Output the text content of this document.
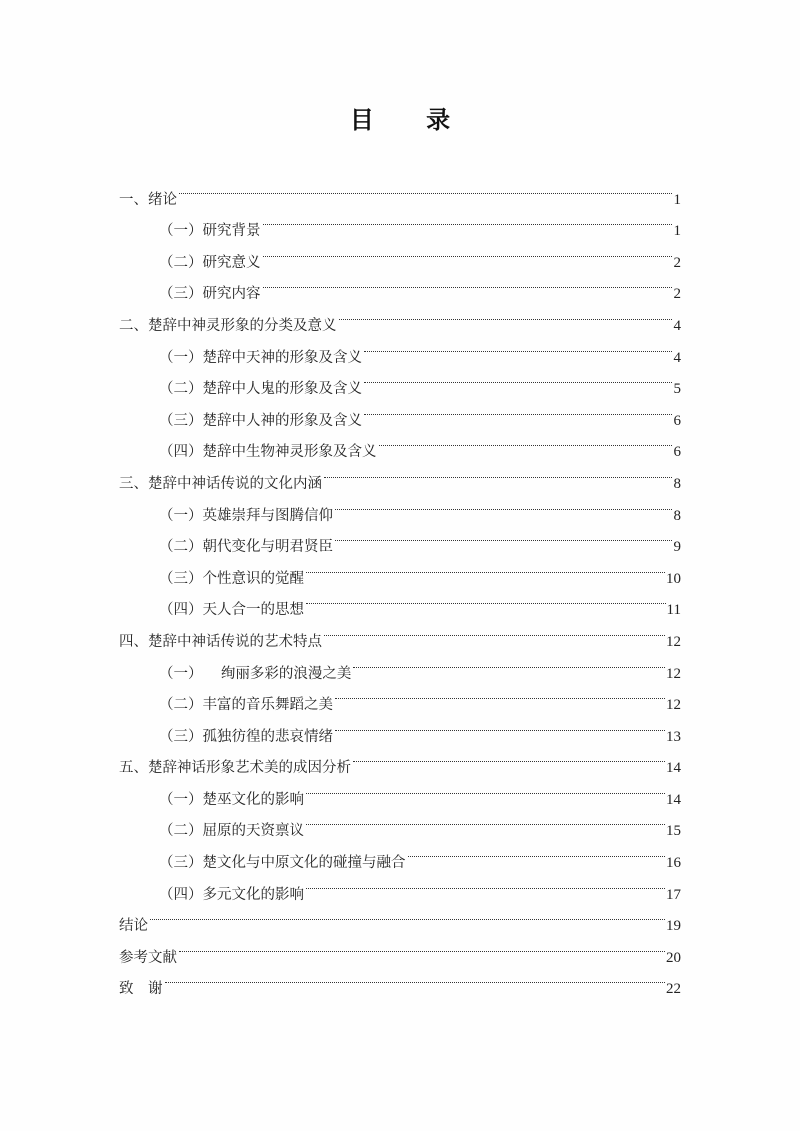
目 录
一、绪论	1
（一）研究背景	1
（二）研究意义	2
（三）研究内容	2
二、楚辞中神灵形象的分类及意义	4
（一）楚辞中天神的形象及含义	4
（二）楚辞中人鬼的形象及含义	5
（三）楚辞中人神的形象及含义	6
（四）楚辞中生物神灵形象及含义	6
三、楚辞中神话传说的文化内涵	8
（一）英雄崇拜与图腾信仰	8
（二）朝代变化与明君贤臣	9
（三）个性意识的觉醒	10
（四）天人合一的思想	11
四、楚辞中神话传说的艺术特点	12
（一）    绚丽多彩的浪漫之美	12
（二）丰富的音乐舞蹈之美	12
（三）孤独彷徨的悲哀情绪	13
五、楚辞神话形象艺术美的成因分析	14
（一）楚巫文化的影响	14
（二）屈原的天资禀议	15
（三）楚文化与中原文化的碰撞与融合	16
（四）多元文化的影响	17
结论	19
参考文献	20
致　谢	22
